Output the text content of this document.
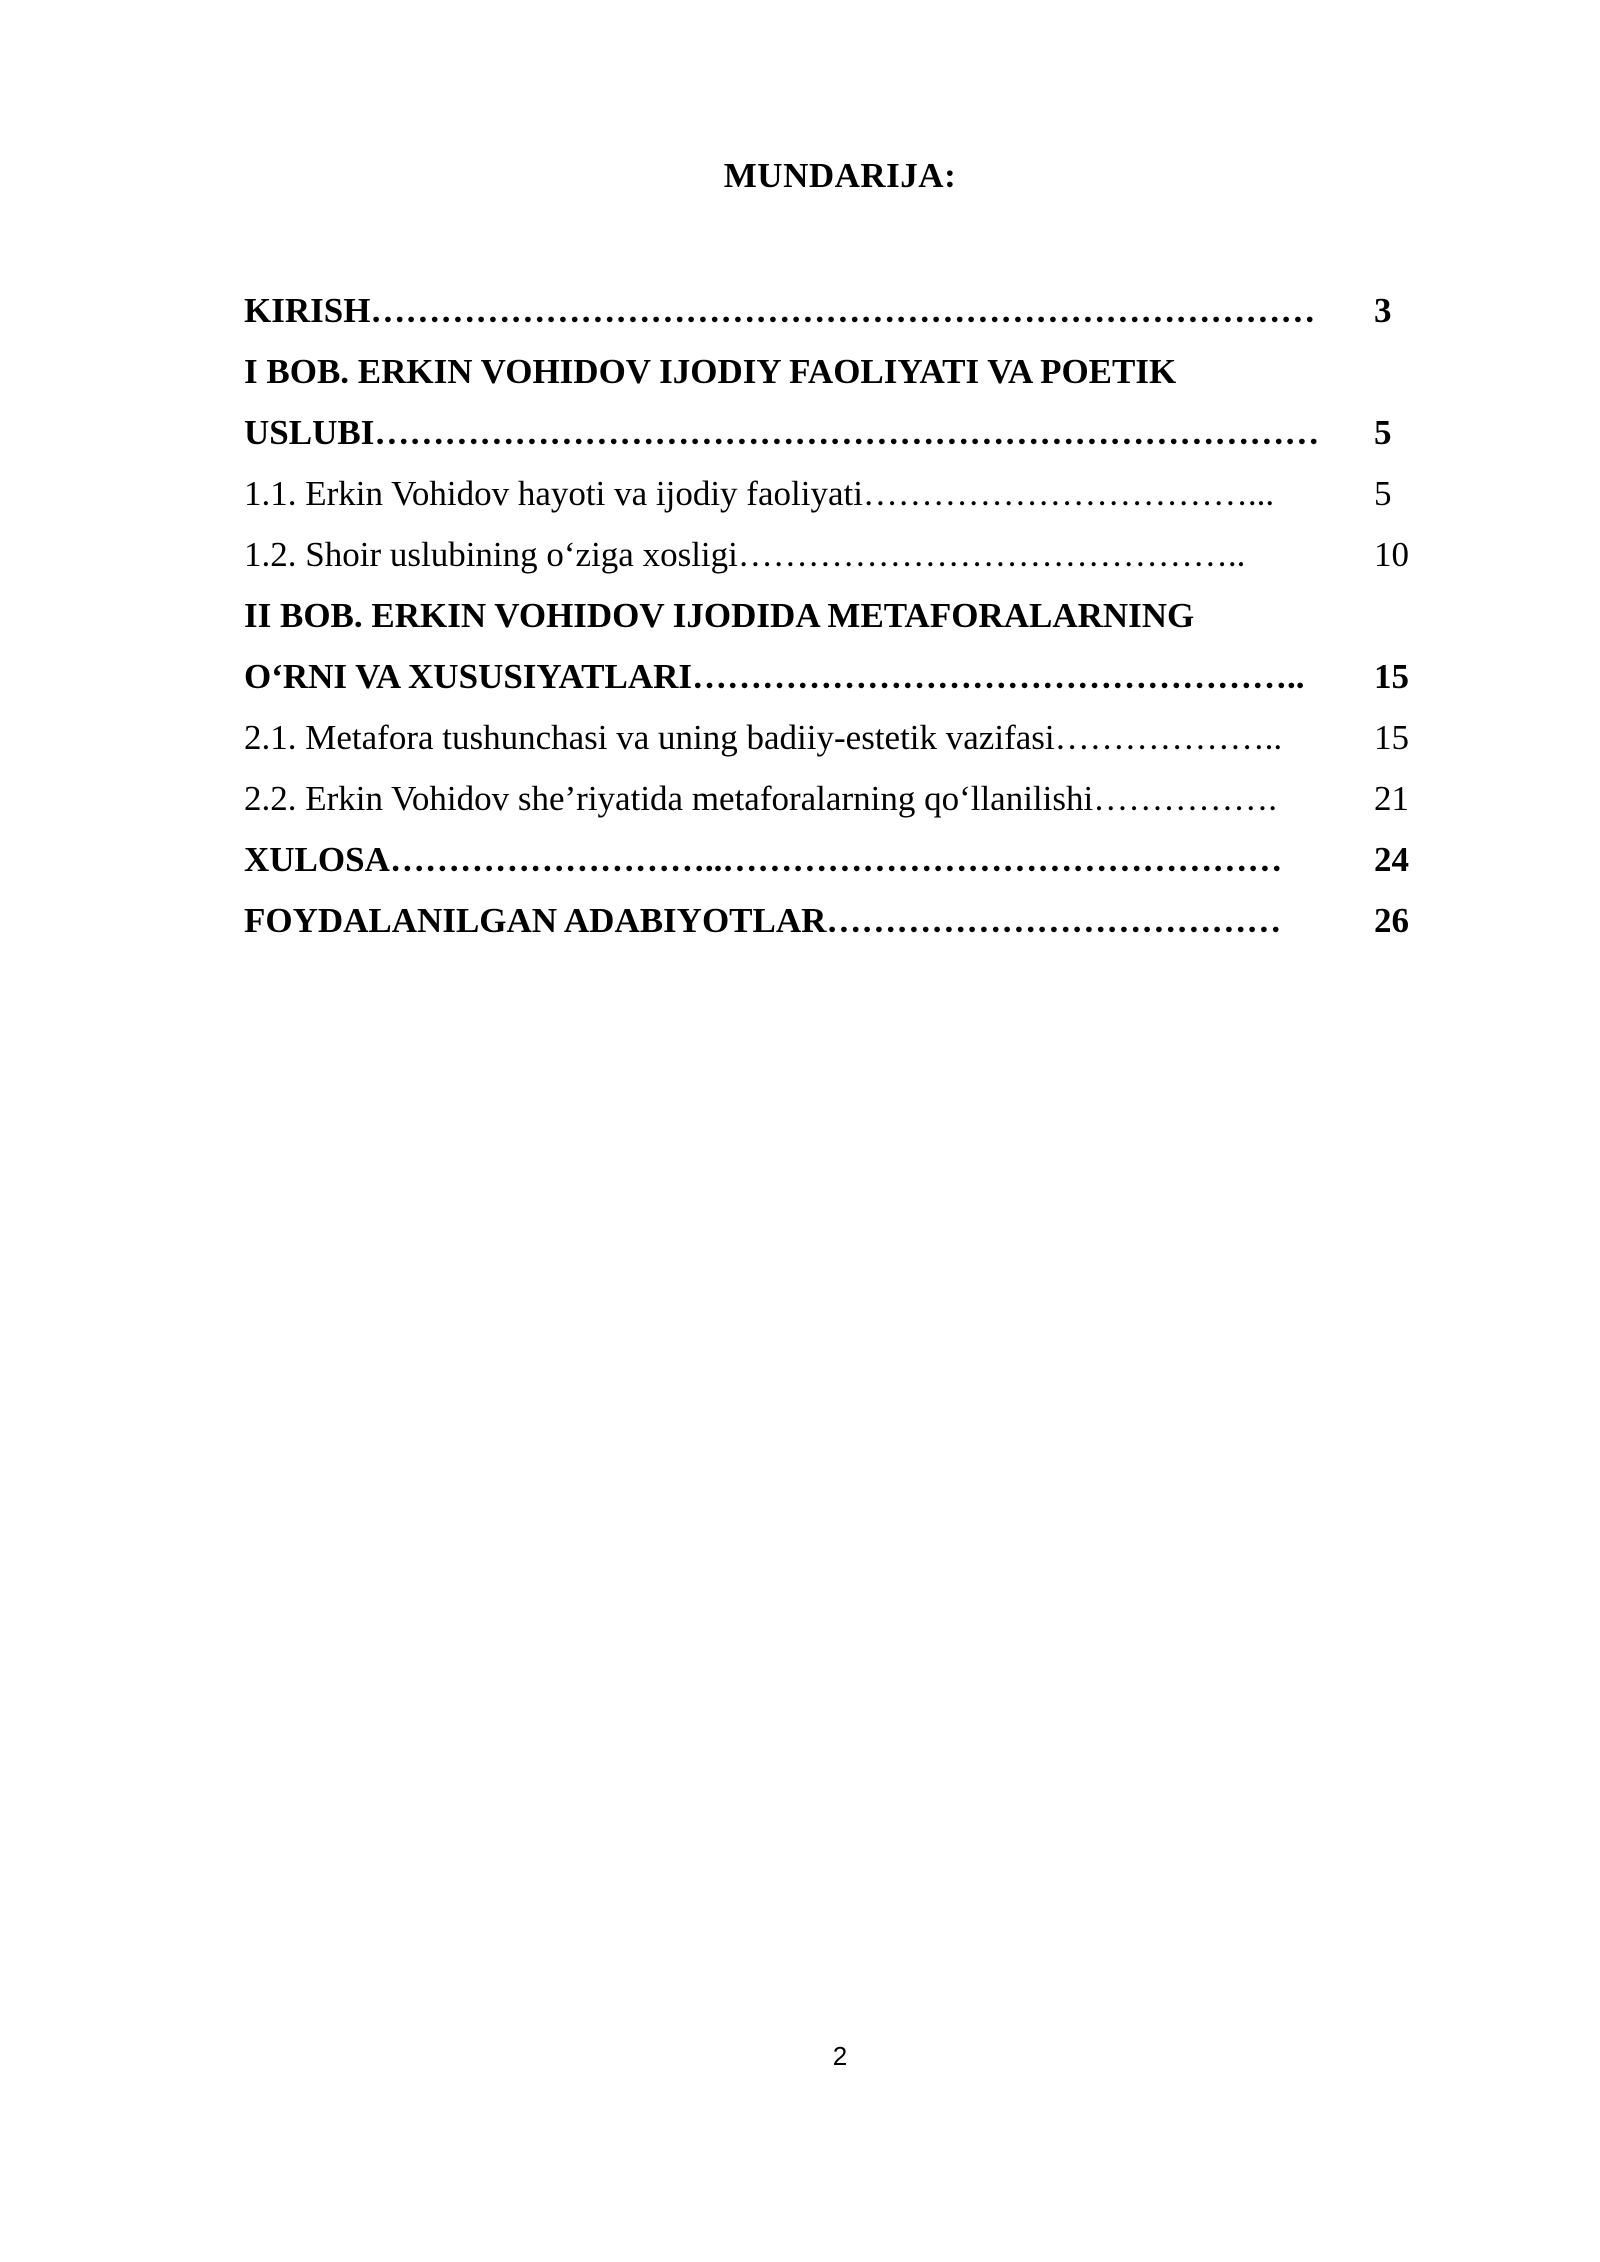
MUNDARIJA:
KIRISH………………………………………………………………………	3
I BOB. ERKIN VOHIDOV IJODIY FAOLIYATI VA POETIK
USLUBI………………………………………………………………………	5
1.1. Erkin Vohidov hayoti va ijodiy faoliyati……………………………...	5
1.2. Shoir uslubining o‘ziga xosligi……………………………………..	10
II BOB. ERKIN VOHIDOV IJODIDA METAFORALARNING
O‘RNI VA XUSUSIYATLARI……………………………………………..	15
2.1. Metafora tushunchasi va uning badiiy-estetik vazifasi………………..	15
2.2. Erkin Vohidov she’riyatida metaforalarning qo‘llanilishi…………….	21
XULOSA………………………..…………………………………………	24
FOYDALANILGAN ADABIYOTLAR…………………………………	26
2
